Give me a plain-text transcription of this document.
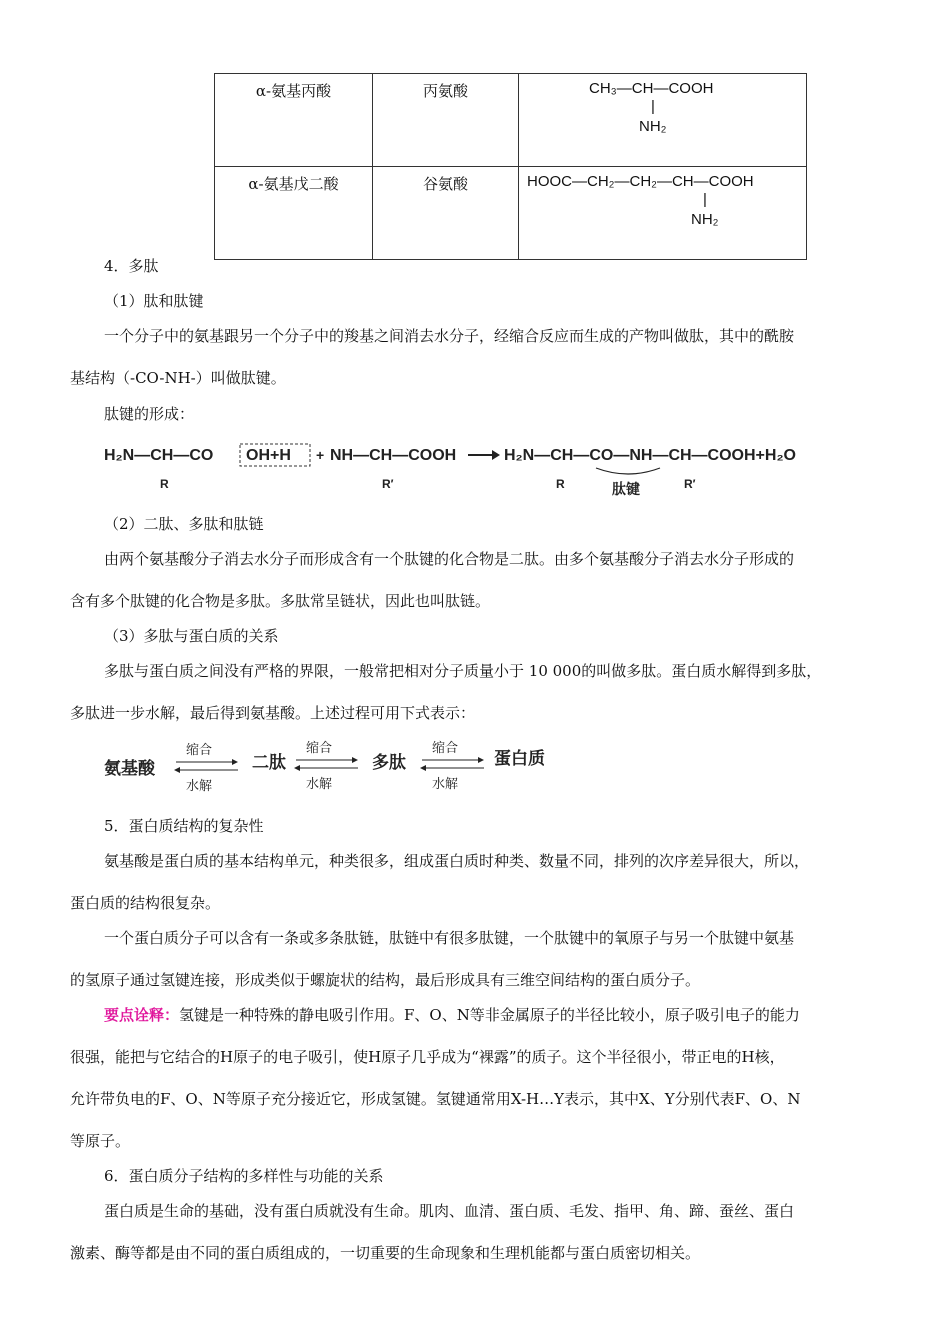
α-氨基丙酸	丙氨酸	CH₃—CH—COOH
|
NH₂

α-氨基戊二酸	谷氨酸	HOOC—CH₂—CH₂—CH—COOH
|
NH₂
4．多肽
（1）肽和肽键
一个分子中的氨基跟另一个分子中的羧基之间消去水分子，经缩合反应而生成的产物叫做肽，其中的酰胺
基结构（-CO-NH-）叫做肽键。
肽键的形成：
H₂N—CH—CO OH+H + NH—CH—COOH	H₂N—CH—CO—NH—CH—COOH+H₂O
R	R′	R	R′
肽键
（2）二肽、多肽和肽链
由两个氨基酸分子消去水分子而形成含有一个肽键的化合物是二肽。由多个氨基酸分子消去水分子形成的
含有多个肽键的化合物是多肽。多肽常呈链状，因此也叫肽链。
（3）多肽与蛋白质的关系
多肽与蛋白质之间没有严格的界限，一般常把相对分子质量小于 10 000的叫做多肽。蛋白质水解得到多肽，
多肽进一步水解，最后得到氨基酸。上述过程可用下式表示：
氨基酸
缩合
水解
二肽
缩合
水解
多肽
缩合
水解
蛋白质
5．蛋白质结构的复杂性
氨基酸是蛋白质的基本结构单元，种类很多，组成蛋白质时种类、数量不同，排列的次序差异很大，所以，
蛋白质的结构很复杂。
一个蛋白质分子可以含有一条或多条肽链，肽链中有很多肽键，一个肽键中的氧原子与另一个肽键中氨基
的氢原子通过氢键连接，形成类似于螺旋状的结构，最后形成具有三维空间结构的蛋白质分子。
要点诠释：氢键是一种特殊的静电吸引作用。F、O、N等非金属原子的半径比较小，原子吸引电子的能力
很强，能把与它结合的H原子的电子吸引，使H原子几乎成为“裸露”的质子。这个半径很小，带正电的H核，
允许带负电的F、O、N等原子充分接近它，形成氢键。氢键通常用X-H…Y表示，其中X、Y分别代表F、O、N
等原子。
6．蛋白质分子结构的多样性与功能的关系
蛋白质是生命的基础，没有蛋白质就没有生命。肌肉、血清、蛋白质、毛发、指甲、角、蹄、蚕丝、蛋白
激素、酶等都是由不同的蛋白质组成的，一切重要的生命现象和生理机能都与蛋白质密切相关。
